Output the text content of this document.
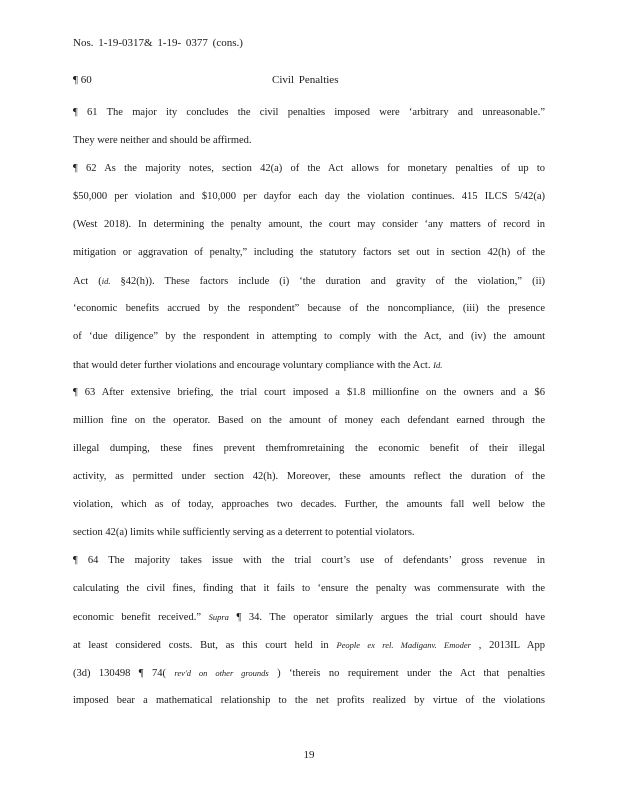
Nos. 1-19-0317& 1-19- 0377 (cons.)
¶ 60	Civil Penalties
¶ 61 The major ity concludes the civil penalties imposed were ‘arbitrary and unreasonable.”
They were neither and should be affirmed.
¶ 62 As the majority notes, section 42(a) of the Act allows for monetary penalties of up to
$50,000 per violation and $10,000 per dayfor each day the violation continues. 415 ILCS 5/42(a)
(West 2018). In determining the penalty amount, the court may consider ‘any matters of record in
mitigation or aggravation of penalty,” including the statutory factors set out in section 42(h) of the
Act (id. §42(h)). These factors include (i) ‘the duration and gravity of the violation,” (ii)
‘economic benefits accrued by the respondent” because of the noncompliance, (iii) the presence
of ‘due diligence” by the respondent in attempting to comply with the Act, and (iv) the amount
that would deter further violations and encourage voluntary compliance with the Act. Id.
¶ 63 After extensive briefing, the trial court imposed a $1.8 millionfine on the owners and a $6
million fine on the operator. Based on the amount of money each defendant earned through the
illegal dumping, these fines prevent themfromretaining the economic benefit of their illegal
activity, as permitted under section 42(h). Moreover, these amounts reflect the duration of the
violation, which as of today, approaches two decades. Further, the amounts fall well below the
section 42(a) limits while sufficiently serving as a deterrent to potential violators.
¶ 64 The majority takes issue with the trial court’s use of defendants’ gross revenue in
calculating the civil fines, finding that it fails to ‘ensure the penalty was commensurate with the
economic benefit received.” Supra ¶ 34. The operator similarly argues the trial court should have
at least considered costs. But, as this court held in People ex rel. Madiganv. Emoder , 2013IL App
(3d) 130498 ¶ 74( rev'd on other grounds ) ‘thereis no requirement under the Act that penalties
imposed bear a mathematical relationship to the net profits realized by virtue of the violations
19
